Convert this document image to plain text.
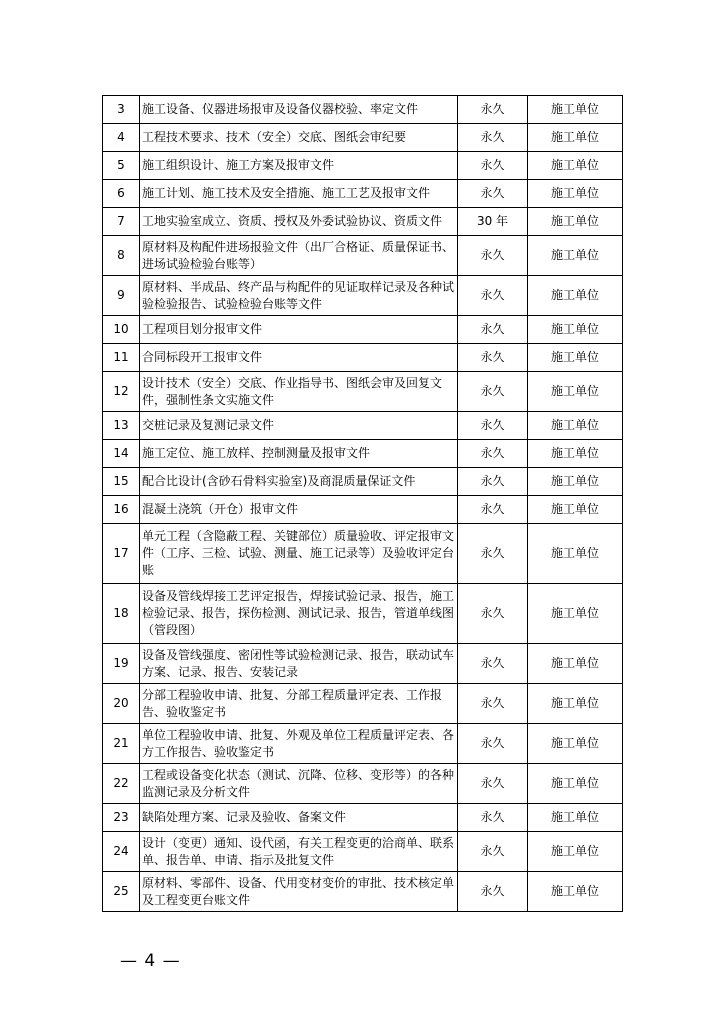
3	施工设备、仪器进场报审及设备仪器校验、率定文件	永久	施工单位
4	工程技术要求、技术（安全）交底、图纸会审纪要	永久	施工单位
5	施工组织设计、施工方案及报审文件	永久	施工单位
6	施工计划、施工技术及安全措施、施工工艺及报审文件	永久	施工单位
7	工地实验室成立、资质、授权及外委试验协议、资质文件	30 年	施工单位
8	原材料及构配件进场报验文件（出厂合格证、质量保证书、进场试验检验台账等）	永久	施工单位
9	原材料、半成品、终产品与构配件的见证取样记录及各种试验检验报告、试验检验台账等文件	永久	施工单位
10	工程项目划分报审文件	永久	施工单位
11	合同标段开工报审文件	永久	施工单位
12	设计技术（安全）交底、作业指导书、图纸会审及回复文件，强制性条文实施文件	永久	施工单位
13	交桩记录及复测记录文件	永久	施工单位
14	施工定位、施工放样、控制测量及报审文件	永久	施工单位
15	配合比设计(含砂石骨料实验室)及商混质量保证文件	永久	施工单位
16	混凝土浇筑（开仓）报审文件	永久	施工单位
17	单元工程（含隐蔽工程、关键部位）质量验收、评定报审文件（工序、三检、试验、测量、施工记录等）及验收评定台账	永久	施工单位
18	设备及管线焊接工艺评定报告，焊接试验记录、报告，施工检验记录、报告，探伤检测、测试记录、报告，管道单线图（管段图）	永久	施工单位
19	设备及管线强度、密闭性等试验检测记录、报告，联动试车方案、记录、报告、安装记录	永久	施工单位
20	分部工程验收申请、批复、分部工程质量评定表、工作报告、验收鉴定书	永久	施工单位
21	单位工程验收申请、批复、外观及单位工程质量评定表、各方工作报告、验收鉴定书	永久	施工单位
22	工程或设备变化状态（测试、沉降、位移、变形等）的各种监测记录及分析文件	永久	施工单位
23	缺陷处理方案、记录及验收、备案文件	永久	施工单位
24	设计（变更）通知、设代函，有关工程变更的洽商单、联系单、报告单、申请、指示及批复文件	永久	施工单位
25	原材料、零部件、设备、代用变材变价的审批、技术核定单及工程变更台账文件	永久	施工单位
— 4 —
